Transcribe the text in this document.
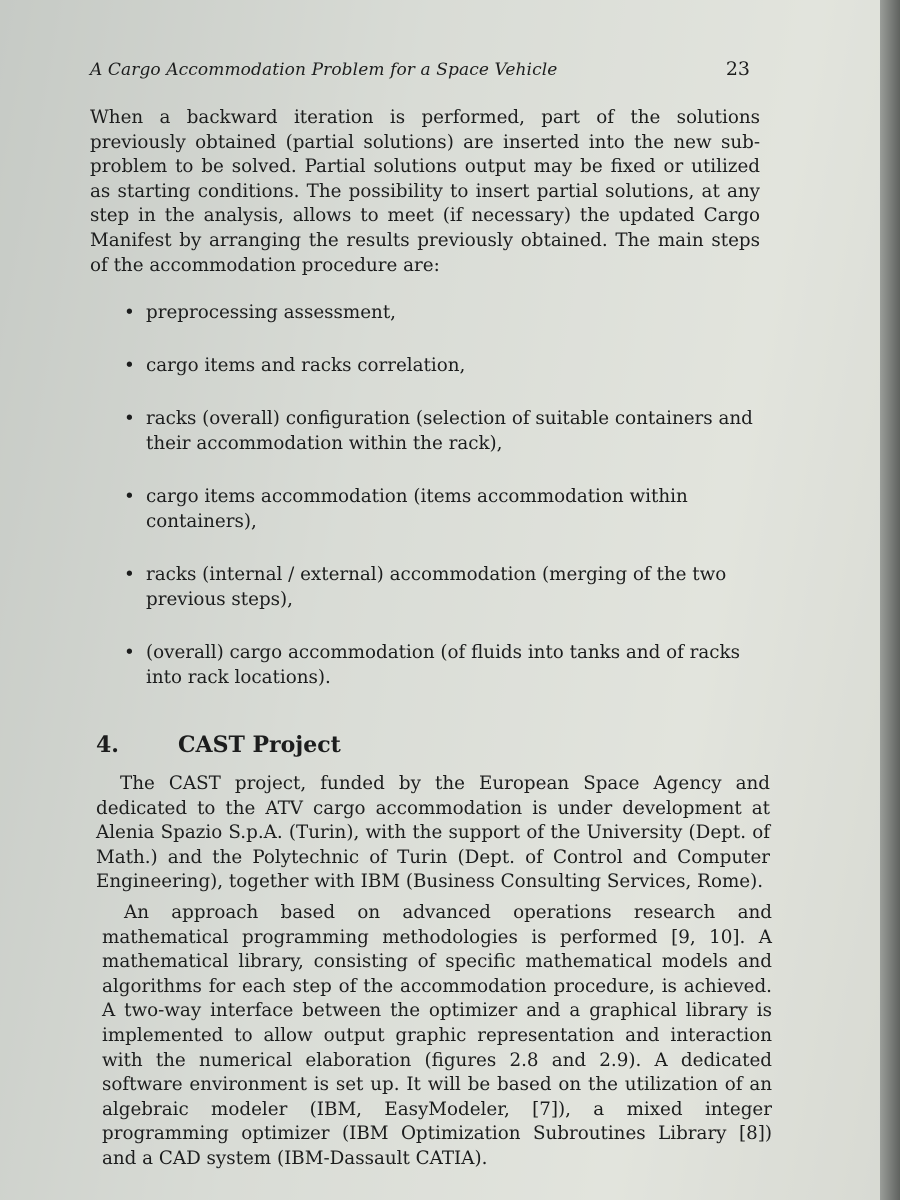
A Cargo Accommodation Problem for a Space Vehicle	23

When a backward iteration is performed, part of the solutions previously obtained (partial solutions) are inserted into the new sub-problem to be solved. Partial solutions output may be fixed or utilized as starting conditions. The possibility to insert partial solutions, at any step in the analysis, allows to meet (if necessary) the updated Cargo Manifest by arranging the results previously obtained. The main steps of the accommodation procedure are:

• preprocessing assessment,
• cargo items and racks correlation,
• racks (overall) configuration (selection of suitable containers and their accommodation within the rack),
• cargo items accommodation (items accommodation within containers),
• racks (internal / external) accommodation (merging of the two previous steps),
• (overall) cargo accommodation (of fluids into tanks and of racks into rack locations).
4.	CAST Project

The CAST project, funded by the European Space Agency and dedicated to the ATV cargo accommodation is under development at Alenia Spazio S.p.A. (Turin), with the support of the University (Dept. of Math.) and the Polytechnic of Turin (Dept. of Control and Computer Engineering), together with IBM (Business Consulting Services, Rome).

An approach based on advanced operations research and mathematical programming methodologies is performed [9, 10]. A mathematical library, consisting of specific mathematical models and algorithms for each step of the accommodation procedure, is achieved. A two-way interface between the optimizer and a graphical library is implemented to allow output graphic representation and interaction with the numerical elaboration (figures 2.8 and 2.9). A dedicated software environment is set up. It will be based on the utilization of an algebraic modeler (IBM, EasyModeler, [7]), a mixed integer programming optimizer (IBM Optimization Subroutines Library [8]) and a CAD system (IBM-Dassault CATIA).
